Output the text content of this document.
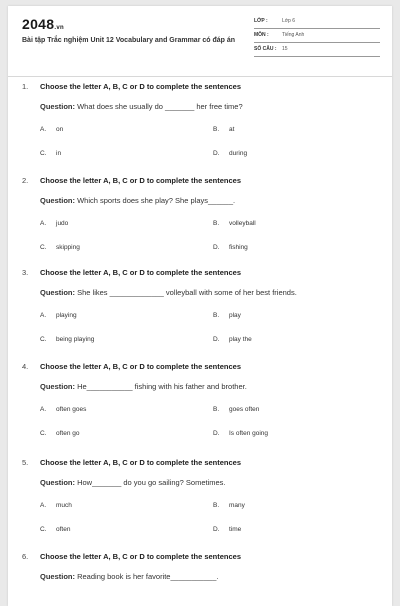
2048.vn
Bài tập Trắc nghiệm Unit 12 Vocabulary and Grammar có đáp án
LỚP :	Lớp 6
MÔN :	Tiếng Anh
SỐ CÂU : 15
1. Choose the letter A, B, C or D to complete the sentences
Question: What does she usually do _______ her free time?
A. on	B. at
C. in	D. during
2. Choose the letter A, B, C or D to complete the sentences
Question: Which sports does she play? She plays______.
A. judo	B. volleyball
C. skipping	D. fishing
3. Choose the letter A, B, C or D to complete the sentences
Question: She likes _____________ volleyball with some of her best friends.
A. playing	B. play
C. being playing	D. play the
4. Choose the letter A, B, C or D to complete the sentences
Question: He___________ fishing with his father and brother.
A. often goes	B. goes often
C. often go	D. Is often going
5. Choose the letter A, B, C or D to complete the sentences
Question: How_______ do you go sailing? Sometimes.
A. much	B. many
C. often	D. time
6. Choose the letter A, B, C or D to complete the sentences
Question: Reading book is her favorite___________.
